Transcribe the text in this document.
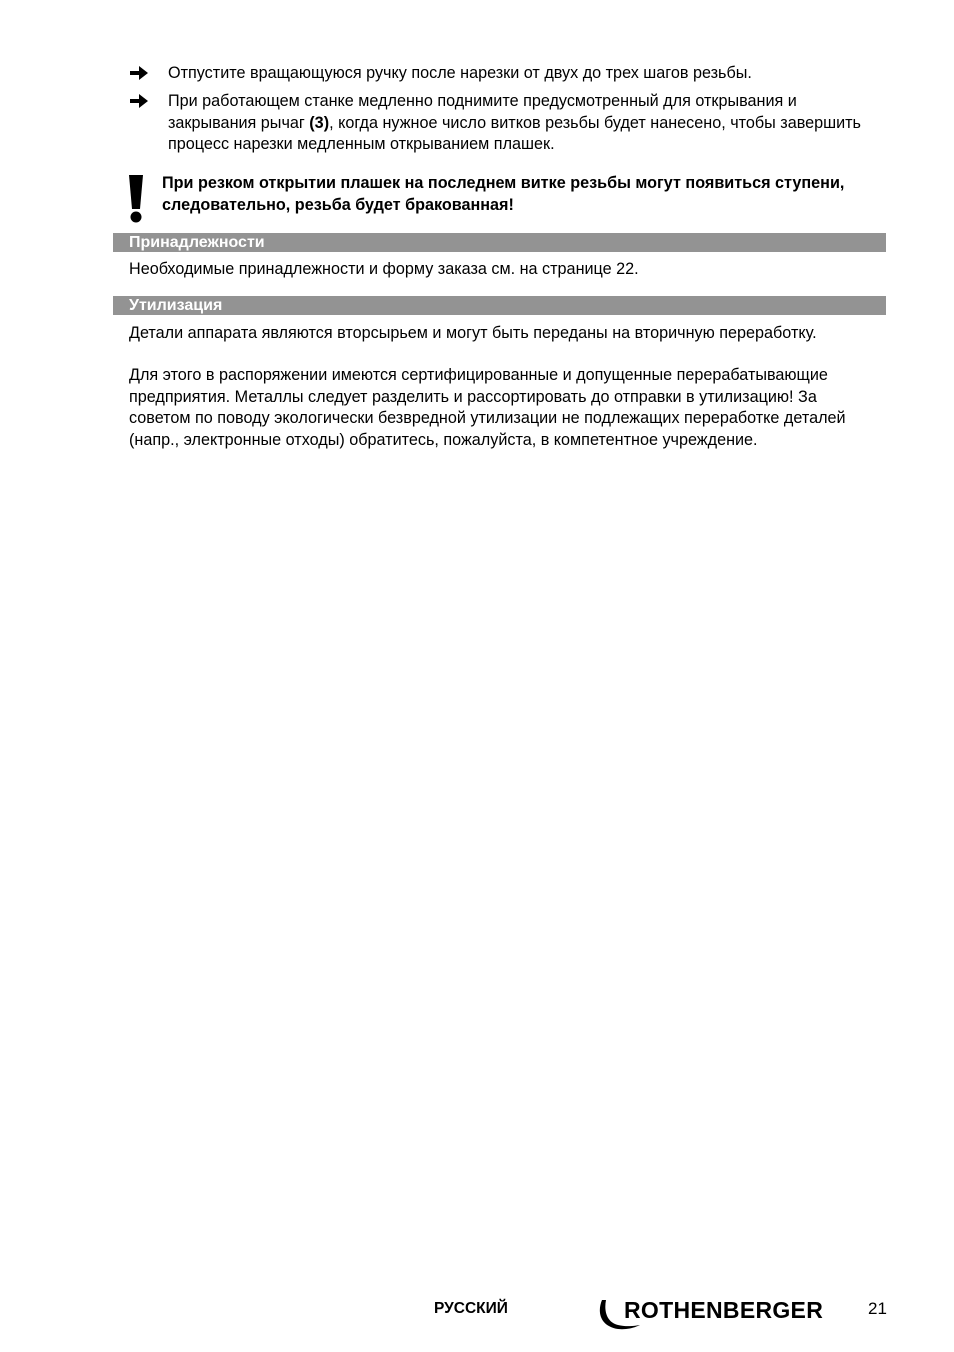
Отпустите вращающуюся ручку после нарезки от двух до трех шагов резьбы.
При работающем станке медленно поднимите предусмотренный для открывания и закрывания рычаг (3), когда нужное число витков резьбы будет нанесено, чтобы завершить процесс нарезки медленным открыванием плашек.
При резком открытии плашек на последнем витке резьбы могут появиться ступени, следовательно, резьба будет бракованная!
Принадлежности
Необходимые принадлежности и форму заказа см. на странице 22.
Утилизация
Детали аппарата являются вторсырьем и могут быть переданы на вторичную переработку.
Для этого в распоряжении имеются сертифицированные и допущенные перерабатывающие предприятия. Металлы следует разделить и рассортировать до отправки в утилизацию! За советом по поводу экологически безвредной утилизации не подлежащих переработке деталей (напр., электронные отходы) обратитесь, пожалуйста, в компетентное учреждение.
РУССКИЙ	ROTHENBERGER	21
